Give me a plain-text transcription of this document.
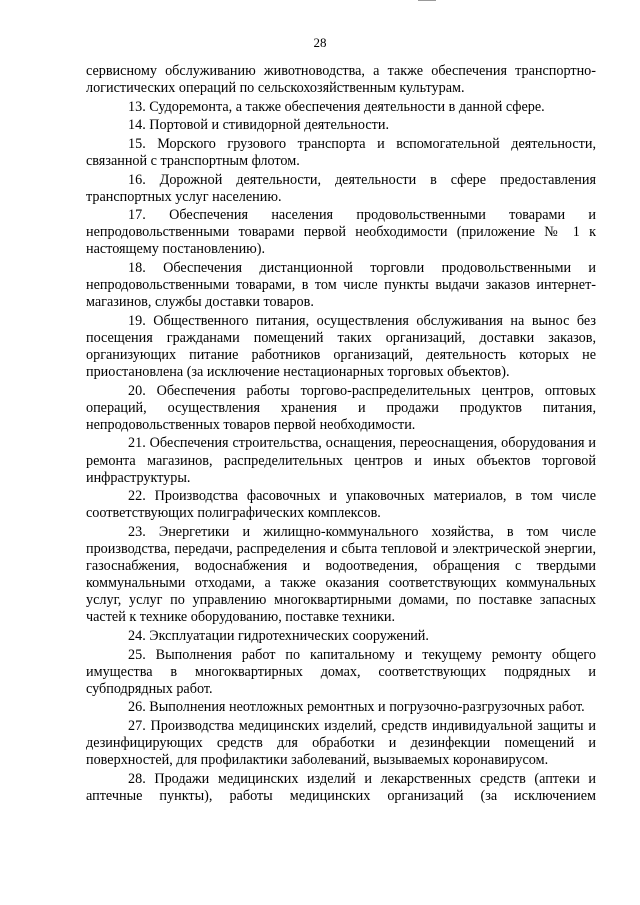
28

сервисному обслуживанию животноводства, а также обеспечения транспортно-логистических операций по сельскохозяйственным культурам.

13. Судоремонта, а также обеспечения деятельности в данной сфере.

14. Портовой и стивидорной деятельности.

15. Морского грузового транспорта и вспомогательной деятельности, связанной с транспортным флотом.

16. Дорожной деятельности, деятельности в сфере предоставления транспортных услуг населению.

17. Обеспечения населения продовольственными товарами и непродовольственными товарами первой необходимости (приложение № 1 к настоящему постановлению).

18. Обеспечения дистанционной торговли продовольственными и непродовольственными товарами, в том числе пункты выдачи заказов интернет-магазинов, службы доставки товаров.

19. Общественного питания, осуществления обслуживания на вынос без посещения гражданами помещений таких организаций, доставки заказов, организующих питание работников организаций, деятельность которых не приостановлена (за исключение нестационарных торговых объектов).

20. Обеспечения работы торгово-распределительных центров, оптовых операций, осуществления хранения и продажи продуктов питания, непродовольственных товаров первой необходимости.

21. Обеспечения строительства, оснащения, переоснащения, оборудования и ремонта магазинов, распределительных центров и иных объектов торговой инфраструктуры.

22. Производства фасовочных и упаковочных материалов, в том числе соответствующих полиграфических комплексов.

23. Энергетики и жилищно-коммунального хозяйства, в том числе производства, передачи, распределения и сбыта тепловой и электрической энергии, газоснабжения, водоснабжения и водоотведения, обращения с твердыми коммунальными отходами, а также оказания соответствующих коммунальных услуг, услуг по управлению многоквартирными домами, по поставке запасных частей к технике оборудованию, поставке техники.

24. Эксплуатации гидротехнических сооружений.

25. Выполнения работ по капитальному и текущему ремонту общего имущества в многоквартирных домах, соответствующих подрядных и субподрядных работ.

26. Выполнения неотложных ремонтных и погрузочно-разгрузочных работ.

27. Производства медицинских изделий, средств индивидуальной защиты и дезинфицирующих средств для обработки и дезинфекции помещений и поверхностей, для профилактики заболеваний, вызываемых коронавирусом.

28. Продажи медицинских изделий и лекарственных средств (аптеки и аптечные пункты), работы медицинских организаций (за исключением
